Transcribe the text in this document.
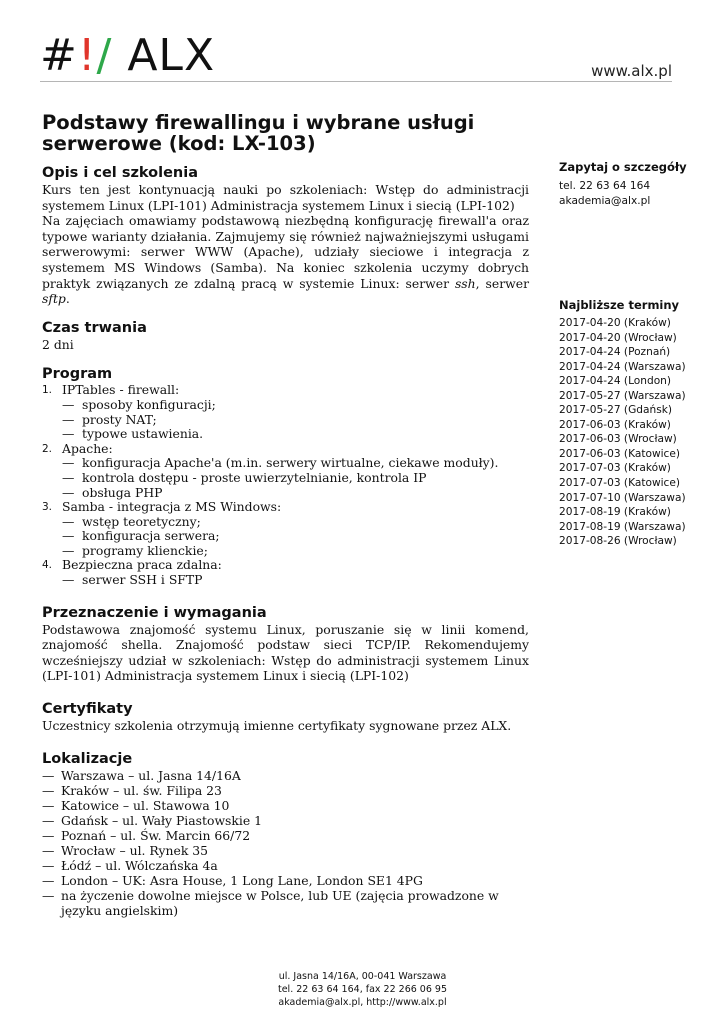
#!/ ALX	www.alx.pl
Podstawy firewallingu i wybrane usługi serwerowe (kod: LX-103)
Opis i cel szkolenia

Kurs ten jest kontynuacją nauki po szkoleniach: Wstęp do administracji systemem Linux (LPI-101) Administracja systemem Linux i siecią (LPI-102)

Na zajęciach omawiamy podstawową niezbędną konfigurację firewall'a oraz typowe warianty działania. Zajmujemy się również najważniejszymi usługami serwerowymi: serwer WWW (Apache), udziały sieciowe i integracja z systemem MS Windows (Samba). Na koniec szkolenia uczymy dobrych praktyk związanych ze zdalną pracą w systemie Linux: serwer ssh, serwer sftp.

Czas trwania

2 dni

Program
1. IPTables - firewall:
— sposoby konfiguracji;
— prosty NAT;
— typowe ustawienia.
2. Apache:
— konfiguracja Apache'a (m.in. serwery wirtualne, ciekawe moduły).
— kontrola dostępu - proste uwierzytelnianie, kontrola IP
— obsługa PHP
3. Samba - integracja z MS Windows:
— wstęp teoretyczny;
— konfiguracja serwera;
— programy klienckie;
4. Bezpieczna praca zdalna:
— serwer SSH i SFTP
Przeznaczenie i wymagania

Podstawowa znajomość systemu Linux, poruszanie się w linii komend, znajomość shella. Znajomość podstaw sieci TCP/IP. Rekomendujemy wcześniejszy udział w szkoleniach: Wstęp do administracji systemem Linux (LPI-101) Administracja systemem Linux i siecią (LPI-102)

Certyfikaty

Uczestnicy szkolenia otrzymują imienne certyfikaty sygnowane przez ALX.

Lokalizacje
— Warszawa – ul. Jasna 14/16A
— Kraków – ul. św. Filipa 23
— Katowice – ul. Stawowa 10
— Gdańsk – ul. Wały Piastowskie 1
— Poznań – ul. Św. Marcin 66/72
— Wrocław – ul. Rynek 35
— Łódź – ul. Wólczańska 4a
— London – UK: Asra House, 1 Long Lane, London SE1 4PG
— na życzenie dowolne miejsce w Polsce, lub UE (zajęcia prowadzone w języku angielskim)

Zapytaj o szczegóły

tel. 22 63 64 164

akademia@alx.pl

Najbliższe terminy

2017-04-20 (Kraków)

2017-04-20 (Wrocław)

2017-04-24 (Poznań)

2017-04-24 (Warszawa)

2017-04-24 (London)

2017-05-27 (Warszawa)

2017-05-27 (Gdańsk)

2017-06-03 (Kraków)

2017-06-03 (Wrocław)

2017-06-03 (Katowice)

2017-07-03 (Kraków)

2017-07-03 (Katowice)

2017-07-10 (Warszawa)

2017-08-19 (Kraków)

2017-08-19 (Warszawa)

2017-08-26 (Wrocław)

ul. Jasna 14/16A, 00-041 Warszawa
tel. 22 63 64 164, fax 22 266 06 95
akademia@alx.pl, http://www.alx.pl
